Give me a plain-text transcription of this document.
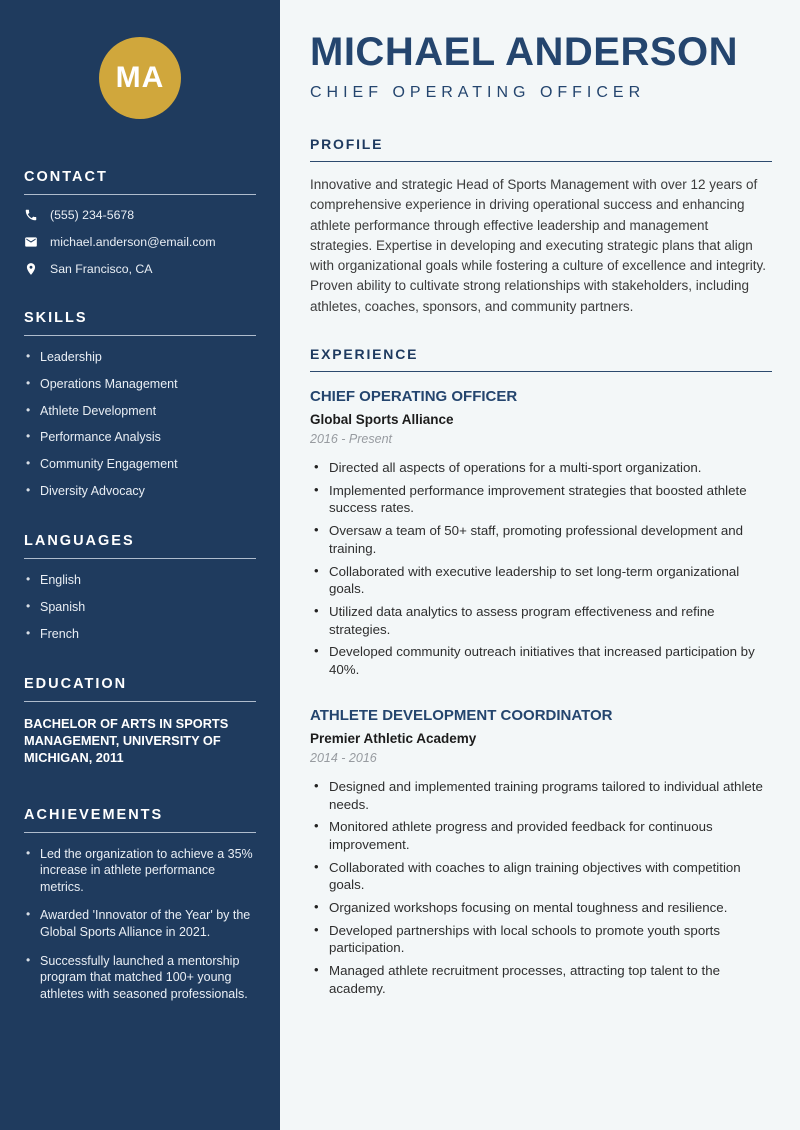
MA
CONTACT
(555) 234-5678
michael.anderson@email.com
San Francisco, CA
SKILLS
• Leadership
• Operations Management
• Athlete Development
• Performance Analysis
• Community Engagement
• Diversity Advocacy
LANGUAGES
• English
• Spanish
• French
EDUCATION

BACHELOR OF ARTS IN SPORTS MANAGEMENT, UNIVERSITY OF MICHIGAN, 2011

ACHIEVEMENTS
• Led the organization to achieve a 35% increase in athlete performance metrics.
• Awarded 'Innovator of the Year' by the Global Sports Alliance in 2021.
• Successfully launched a mentorship program that matched 100+ young athletes with seasoned professionals.
MICHAEL ANDERSON
CHIEF OPERATING OFFICER
PROFILE

Innovative and strategic Head of Sports Management with over 12 years of comprehensive experience in driving operational success and enhancing athlete performance through effective leadership and management strategies. Expertise in developing and executing strategic plans that align with organizational goals while fostering a culture of excellence and integrity. Proven ability to cultivate strong relationships with stakeholders, including athletes, coaches, sponsors, and community partners.

EXPERIENCE
CHIEF OPERATING OFFICER
Global Sports Alliance
2016 - Present
• Directed all aspects of operations for a multi-sport organization.
• Implemented performance improvement strategies that boosted athlete success rates.
• Oversaw a team of 50+ staff, promoting professional development and training.
• Collaborated with executive leadership to set long-term organizational goals.
• Utilized data analytics to assess program effectiveness and refine strategies.
• Developed community outreach initiatives that increased participation by 40%.
ATHLETE DEVELOPMENT COORDINATOR
Premier Athletic Academy
2014 - 2016
• Designed and implemented training programs tailored to individual athlete needs.
• Monitored athlete progress and provided feedback for continuous improvement.
• Collaborated with coaches to align training objectives with competition goals.
• Organized workshops focusing on mental toughness and resilience.
• Developed partnerships with local schools to promote youth sports participation.
• Managed athlete recruitment processes, attracting top talent to the academy.
